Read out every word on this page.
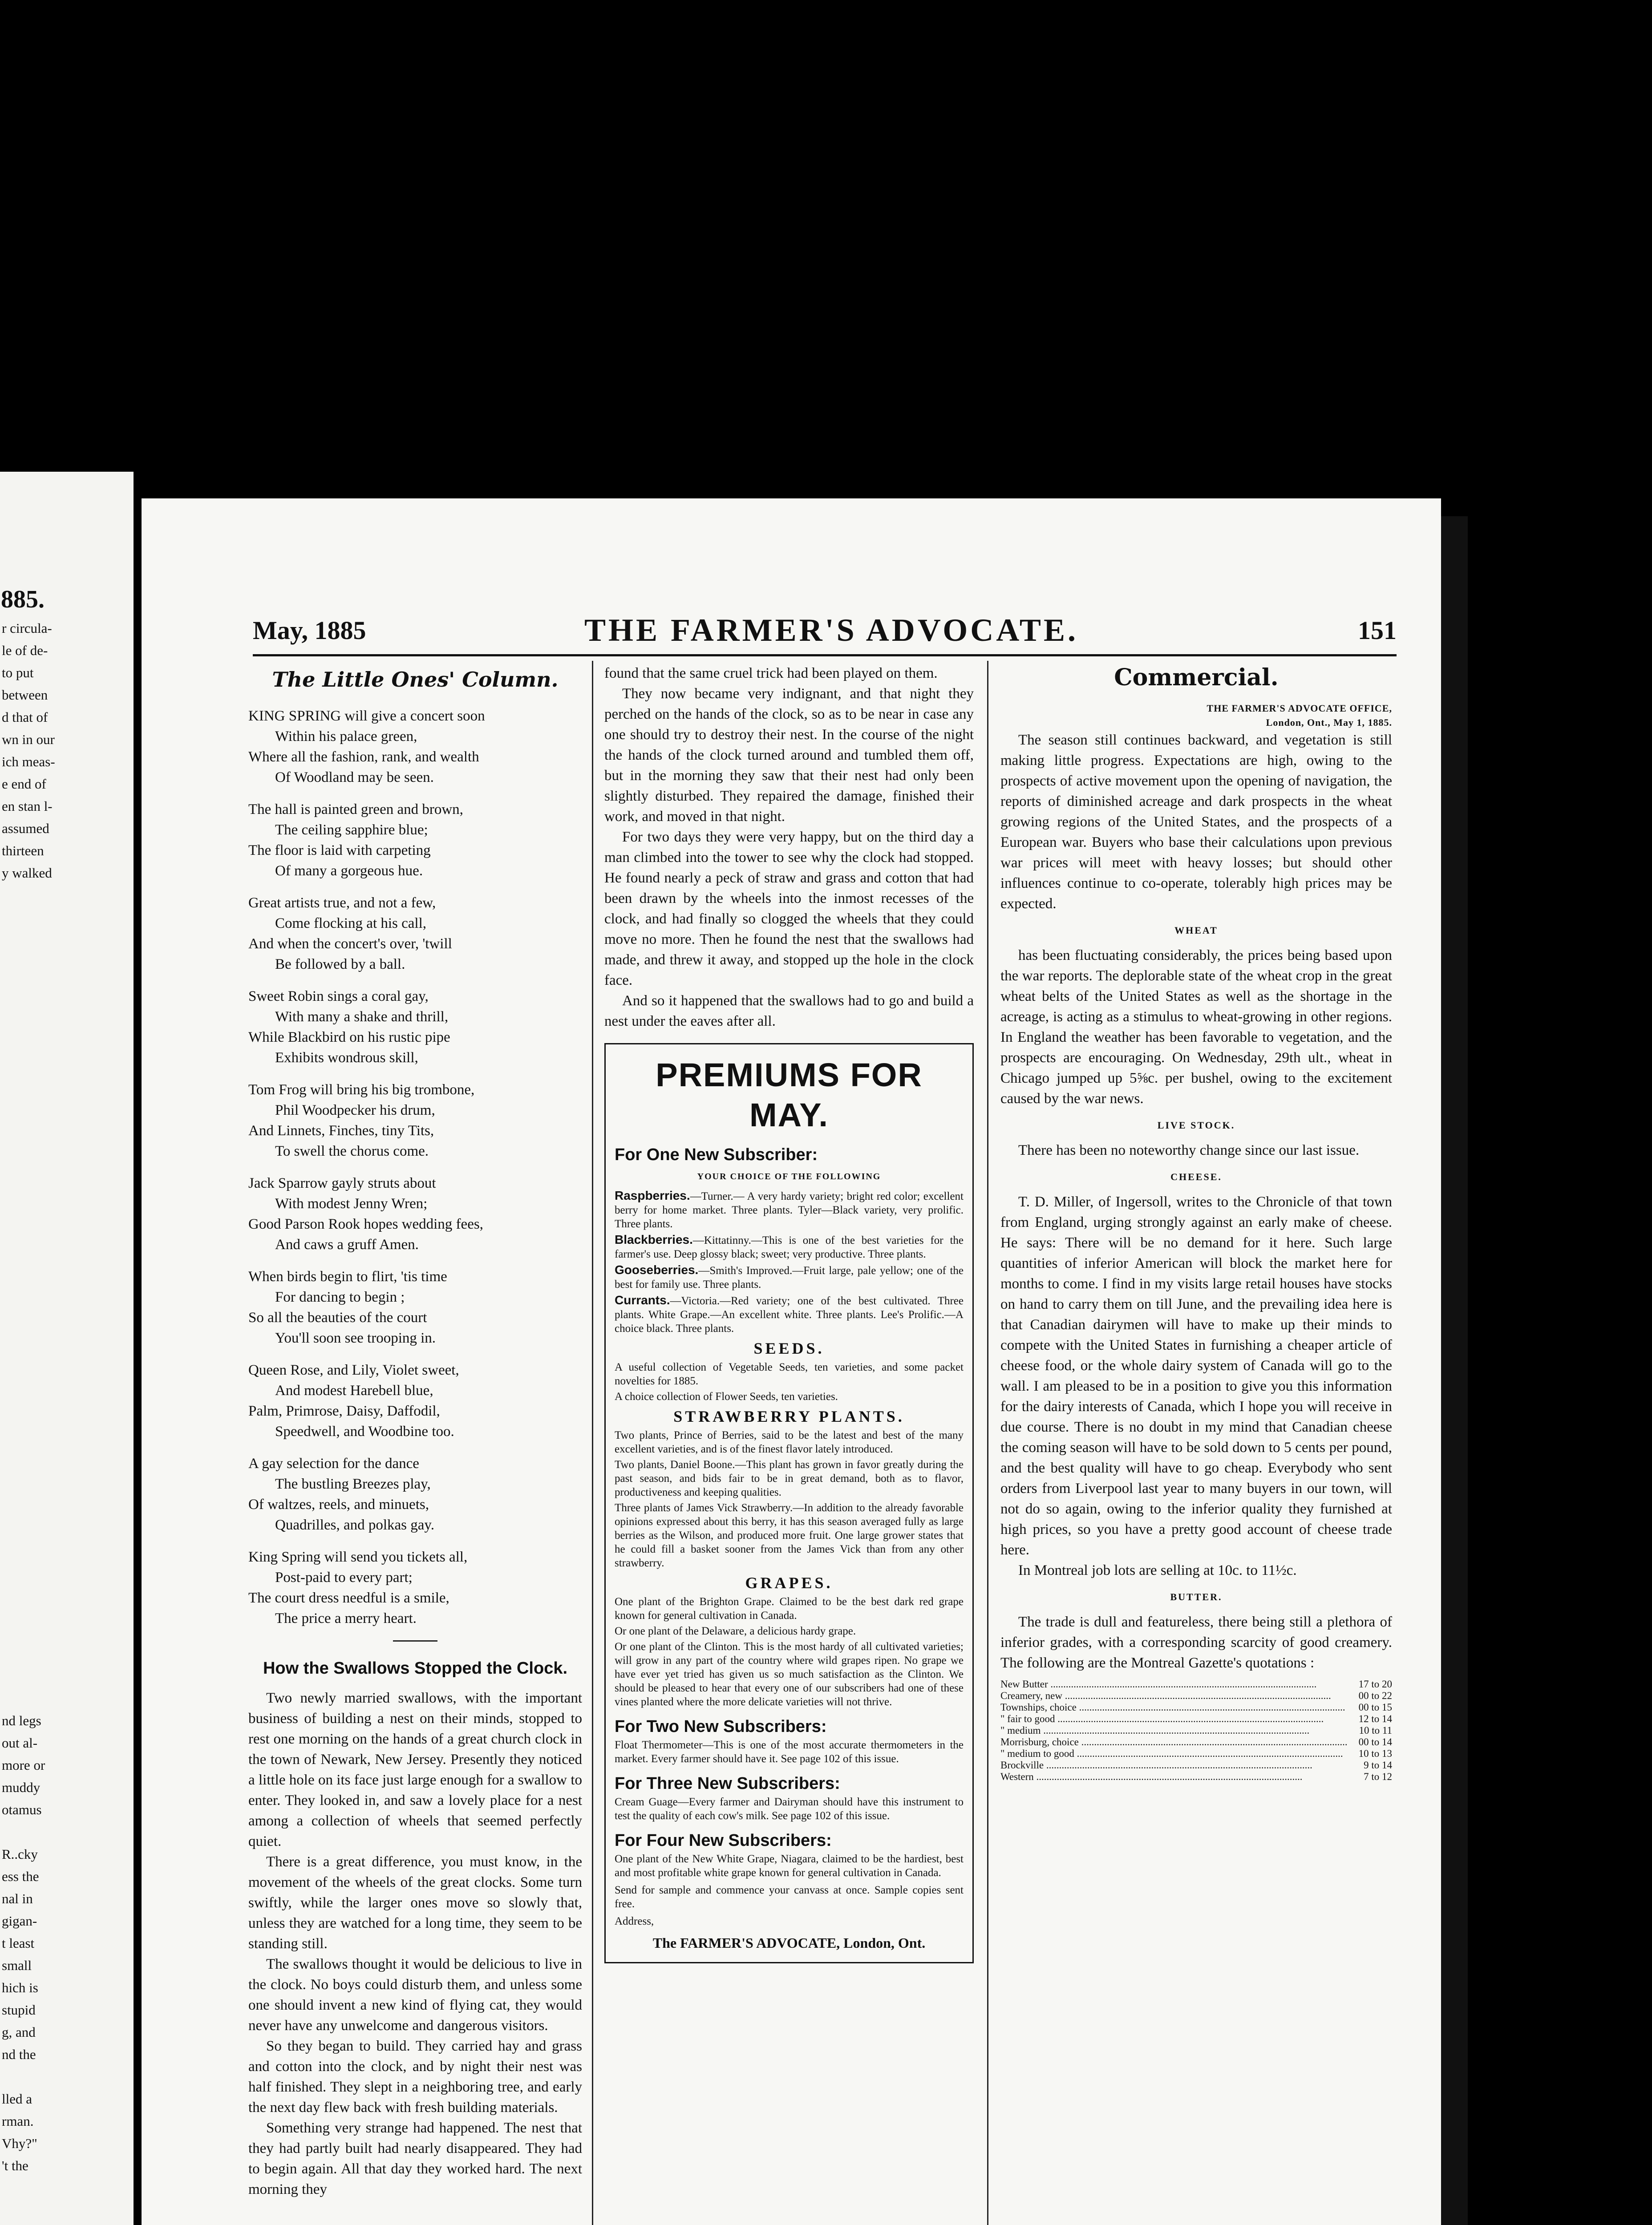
885.
r circula-
le of de-
to put
between
d that of
wn in our
ich meas-
e end of
en stan l-
assumed
thirteen
y walked
nd legs
out al-
more or
muddy
otamus
R..cky
ess the
nal in
gigan-
t least
small
hich is
stupid
g, and
nd the
lled a
rman.
Vhy?"
't the
May, 1885	THE FARMER'S ADVOCATE.	151
The Little Ones' Column.

KING SPRING will give a concert soon
Within his palace green,
Where all the fashion, rank, and wealth
Of Woodland may be seen.

The hall is painted green and brown,
The ceiling sapphire blue;
The floor is laid with carpeting
Of many a gorgeous hue.

Great artists true, and not a few,
Come flocking at his call,
And when the concert's over, 'twill
Be followed by a ball.

Sweet Robin sings a coral gay,
With many a shake and thrill,
While Blackbird on his rustic pipe
Exhibits wondrous skill,

Tom Frog will bring his big trombone,
Phil Woodpecker his drum,
And Linnets, Finches, tiny Tits,
To swell the chorus come.

Jack Sparrow gayly struts about
With modest Jenny Wren;
Good Parson Rook hopes wedding fees,
And caws a gruff Amen.

When birds begin to flirt, 'tis time
For dancing to begin ;
So all the beauties of the court
You'll soon see trooping in.

Queen Rose, and Lily, Violet sweet,
And modest Harebell blue,
Palm, Primrose, Daisy, Daffodil,
Speedwell, and Woodbine too.

A gay selection for the dance
The bustling Breezes play,
Of waltzes, reels, and minuets,
Quadrilles, and polkas gay.

King Spring will send you tickets all,
Post-paid to every part;
The court dress needful is a smile,
The price a merry heart.

How the Swallows Stopped the Clock.

Two newly married swallows, with the important business of building a nest on their minds, stopped to rest one morning on the hands of a great church clock in the town of Newark, New Jersey. Presently they noticed a little hole on its face just large enough for a swallow to enter. They looked in, and saw a lovely place for a nest among a collection of wheels that seemed perfectly quiet.

There is a great difference, you must know, in the movement of the wheels of the great clocks. Some turn swiftly, while the larger ones move so slowly that, unless they are watched for a long time, they seem to be standing still.

The swallows thought it would be delicious to live in the clock. No boys could disturb them, and unless some one should invent a new kind of flying cat, they would never have any unwelcome and dangerous visitors.

So they began to build. They carried hay and grass and cotton into the clock, and by night their nest was half finished. They slept in a neighboring tree, and early the next day flew back with fresh building materials.

Something very strange had happened. The nest that they had partly built had nearly disappeared. They had to begin again. All that day they worked hard. The next morning they

found that the same cruel trick had been played on them.

They now became very indignant, and that night they perched on the hands of the clock, so as to be near in case any one should try to destroy their nest. In the course of the night the hands of the clock turned around and tumbled them off, but in the morning they saw that their nest had only been slightly disturbed. They repaired the damage, finished their work, and moved in that night.

For two days they were very happy, but on the third day a man climbed into the tower to see why the clock had stopped. He found nearly a peck of straw and grass and cotton that had been drawn by the wheels into the inmost recesses of the clock, and had finally so clogged the wheels that they could move no more. Then he found the nest that the swallows had made, and threw it away, and stopped up the hole in the clock face.

And so it happened that the swallows had to go and build a nest under the eaves after all.

PREMIUMS FOR MAY.
For One New Subscriber:
YOUR CHOICE OF THE FOLLOWING

Raspberries.—Turner.— A very hardy variety; bright red color; excellent berry for home market. Three plants. Tyler—Black variety, very prolific. Three plants.

Blackberries.—Kittatinny.—This is one of the best varieties for the farmer's use. Deep glossy black; sweet; very productive. Three plants.

Gooseberries.—Smith's Improved.—Fruit large, pale yellow; one of the best for family use. Three plants.

Currants.—Victoria.—Red variety; one of the best cultivated. Three plants. White Grape.—An excellent white. Three plants. Lee's Prolific.—A choice black. Three plants.

SEEDS.

A useful collection of Vegetable Seeds, ten varieties, and some packet novelties for 1885.

A choice collection of Flower Seeds, ten varieties.

STRAWBERRY PLANTS.

Two plants, Prince of Berries, said to be the latest and best of the many excellent varieties, and is of the finest flavor lately introduced.

Two plants, Daniel Boone.—This plant has grown in favor greatly during the past season, and bids fair to be in great demand, both as to flavor, productiveness and keeping qualities.

Three plants of James Vick Strawberry.—In addition to the already favorable opinions expressed about this berry, it has this season averaged fully as large berries as the Wilson, and produced more fruit. One large grower states that he could fill a basket sooner from the James Vick than from any other strawberry.

GRAPES.

One plant of the Brighton Grape. Claimed to be the best dark red grape known for general cultivation in Canada.

Or one plant of the Delaware, a delicious hardy grape.

Or one plant of the Clinton. This is the most hardy of all cultivated varieties; will grow in any part of the country where wild grapes ripen. No grape we have ever yet tried has given us so much satisfaction as the Clinton. We should be pleased to hear that every one of our subscribers had one of these vines planted where the more delicate varieties will not thrive.

For Two New Subscribers:
Float Thermometer—This is one of the most accurate thermometers in the market. Every farmer should have it. See page 102 of this issue.
For Three New Subscribers:
Cream Guage—Every farmer and Dairyman should have this instrument to test the quality of each cow's milk. See page 102 of this issue.
For Four New Subscribers:
One plant of the New White Grape, Niagara, claimed to be the hardiest, best and most profitable white grape known for general cultivation in Canada.
Send for sample and commence your canvass at once. Sample copies sent free.
Address,
The FARMER'S ADVOCATE, London, Ont.
Commercial.
THE FARMER'S ADVOCATE OFFICE,
London, Ont., May 1, 1885.

The season still continues backward, and vegetation is still making little progress. Expectations are high, owing to the prospects of active movement upon the opening of navigation, the reports of diminished acreage and dark prospects in the wheat growing regions of the United States, and the prospects of a European war. Buyers who base their calculations upon previous war prices will meet with heavy losses; but should other influences continue to co-operate, tolerably high prices may be expected.

WHEAT

has been fluctuating considerably, the prices being based upon the war reports. The deplorable state of the wheat crop in the great wheat belts of the United States as well as the shortage in the acreage, is acting as a stimulus to wheat-growing in other regions. In England the weather has been favorable to vegetation, and the prospects are encouraging. On Wednesday, 29th ult., wheat in Chicago jumped up 5⅝c. per bushel, owing to the excitement caused by the war news.

LIVE STOCK.

There has been no noteworthy change since our last issue.

CHEESE.

T. D. Miller, of Ingersoll, writes to the Chronicle of that town from England, urging strongly against an early make of cheese. He says: There will be no demand for it here. Such large quantities of inferior American will block the market here for months to come. I find in my visits large retail houses have stocks on hand to carry them on till June, and the prevailing idea here is that Canadian dairymen will have to make up their minds to compete with the United States in furnishing a cheaper article of cheese food, or the whole dairy system of Canada will go to the wall. I am pleased to be in a position to give you this information for the dairy interests of Canada, which I hope you will receive in due course. There is no doubt in my mind that Canadian cheese the coming season will have to be sold down to 5 cents per pound, and the best quality will have to go cheap. Everybody who sent orders from Liverpool last year to many buyers in our town, will not do so again, owing to the inferior quality they furnished at high prices, so you have a pretty good account of cheese trade here.

In Montreal job lots are selling at 10c. to 11½c.

BUTTER.

The trade is dull and featureless, there being still a plethora of inferior grades, with a corresponding scarcity of good creamery. The following are the Montreal Gazette's quotations :

New Butter .....	17 to 20
Creamery, new .....	00 to 22
Townships, choice .....	00 to 15
" fair to good .....	12 to 14
" medium .....	10 to 11
Morrisburg, choice .....	00 to 14
" medium to good .....	10 to 13
Brockville .....	9 to 14
Western .....	7 to 12
